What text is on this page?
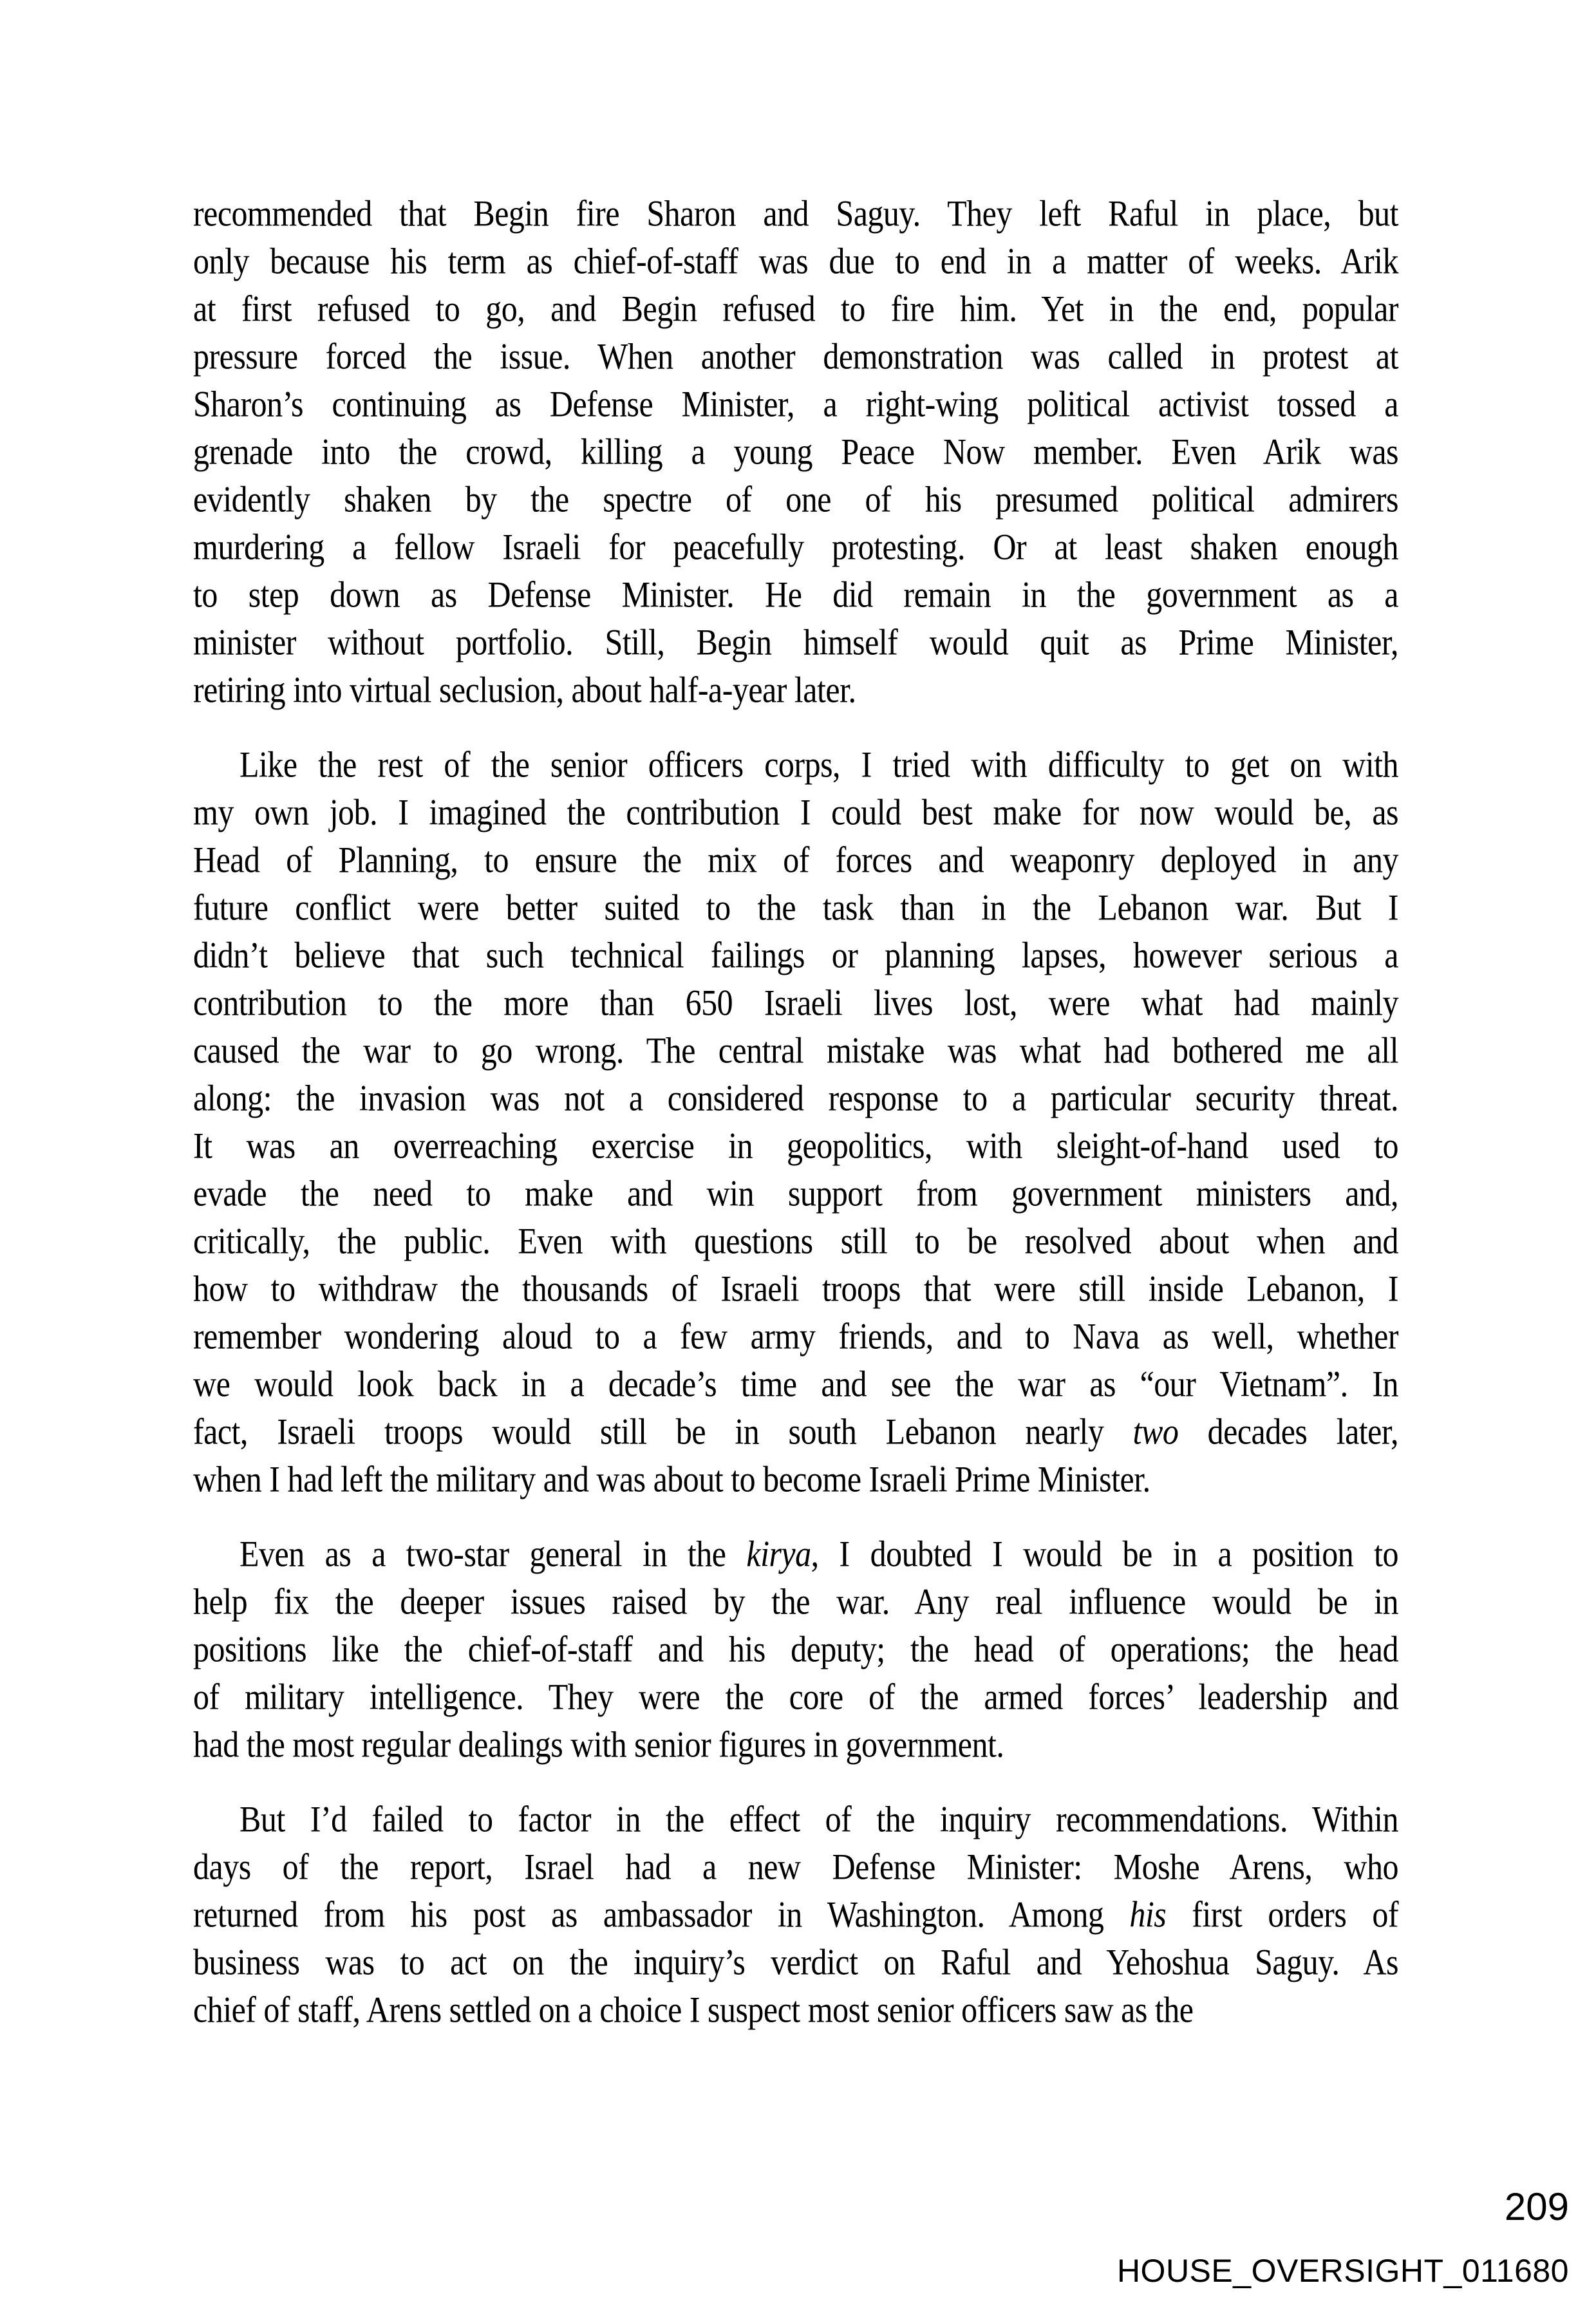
recommended that Begin fire Sharon and Saguy. They left Raful in place, but
only because his term as chief-of-staff was due to end in a matter of weeks. Arik
at first refused to go, and Begin refused to fire him. Yet in the end, popular
pressure forced the issue. When another demonstration was called in protest at
Sharon’s continuing as Defense Minister, a right-wing political activist tossed a
grenade into the crowd, killing a young Peace Now member. Even Arik was
evidently shaken by the spectre of one of his presumed political admirers
murdering a fellow Israeli for peacefully protesting. Or at least shaken enough
to step down as Defense Minister. He did remain in the government as a
minister without portfolio. Still, Begin himself would quit as Prime Minister,
retiring into virtual seclusion, about half-a-year later.
Like the rest of the senior officers corps, I tried with difficulty to get on with
my own job. I imagined the contribution I could best make for now would be, as
Head of Planning, to ensure the mix of forces and weaponry deployed in any
future conflict were better suited to the task than in the Lebanon war. But I
didn’t believe that such technical failings or planning lapses, however serious a
contribution to the more than 650 Israeli lives lost, were what had mainly
caused the war to go wrong. The central mistake was what had bothered me all
along: the invasion was not a considered response to a particular security threat.
It was an overreaching exercise in geopolitics, with sleight-of-hand used to
evade the need to make and win support from government ministers and,
critically, the public. Even with questions still to be resolved about when and
how to withdraw the thousands of Israeli troops that were still inside Lebanon, I
remember wondering aloud to a few army friends, and to Nava as well, whether
we would look back in a decade’s time and see the war as “our Vietnam”. In
fact, Israeli troops would still be in south Lebanon nearly two decades later,
when I had left the military and was about to become Israeli Prime Minister.
Even as a two-star general in the kirya, I doubted I would be in a position to
help fix the deeper issues raised by the war. Any real influence would be in
positions like the chief-of-staff and his deputy; the head of operations; the head
of military intelligence. They were the core of the armed forces’ leadership and
had the most regular dealings with senior figures in government.
But I’d failed to factor in the effect of the inquiry recommendations. Within
days of the report, Israel had a new Defense Minister: Moshe Arens, who
returned from his post as ambassador in Washington. Among his first orders of
business was to act on the inquiry’s verdict on Raful and Yehoshua Saguy. As
chief of staff, Arens settled on a choice I suspect most senior officers saw as the
209
HOUSE_OVERSIGHT_011680
